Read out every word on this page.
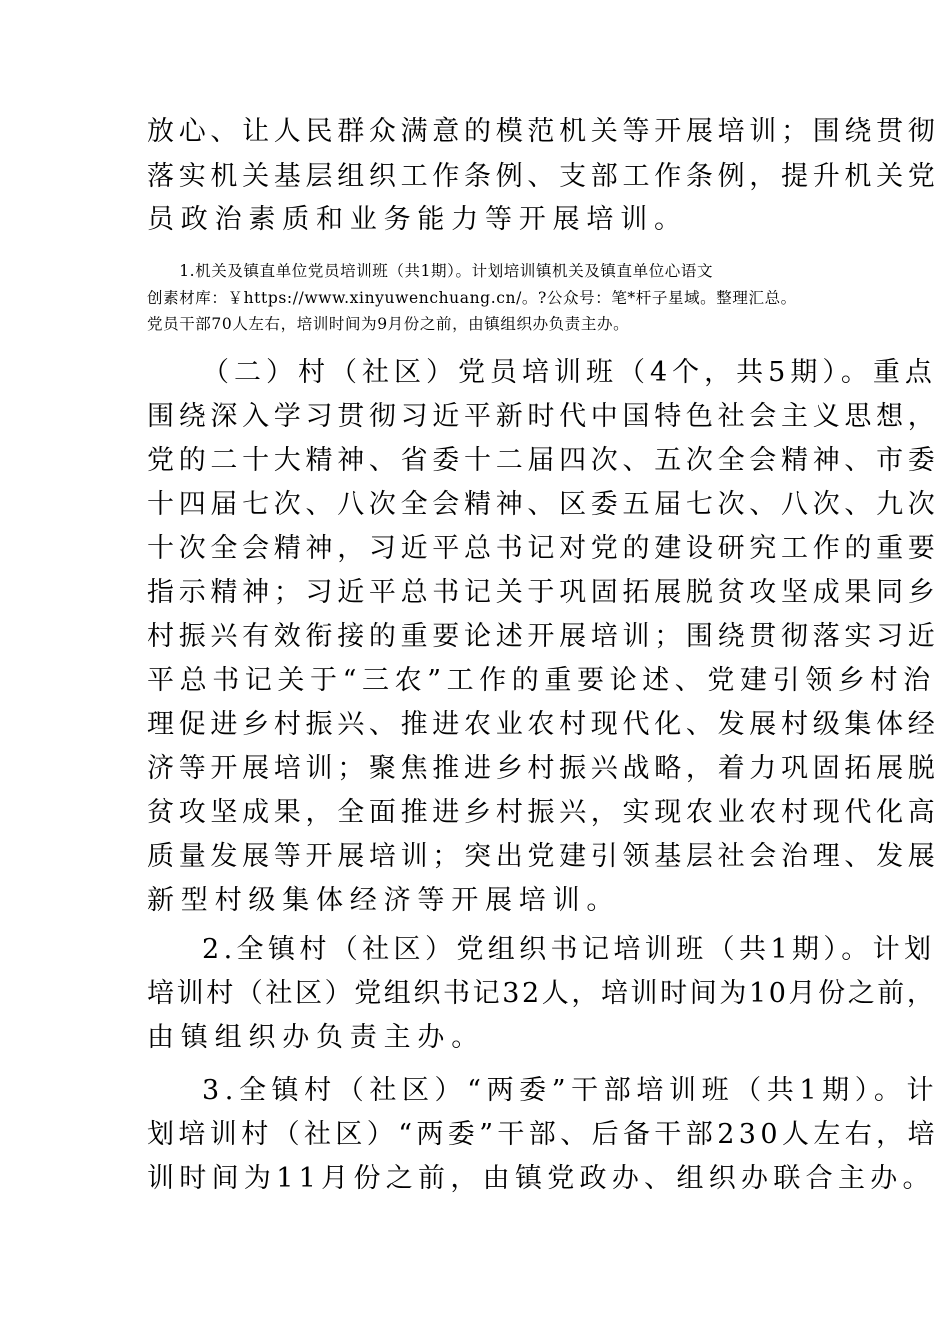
放心、让人民群众满意的模范机关等开展培训；围绕贯彻
落实机关基层组织工作条例、支部工作条例，提升机关党
员政治素质和业务能力等开展培训。
　　1.机关及镇直单位党员培训班（共1期）。计划培训镇机关及镇直单位心语文
创素材库：￥https://www.xinyuwenchuang.cn/。?公众号：笔*杆子星域。整理汇总。
党员干部70人左右，培训时间为9月份之前，由镇组织办负责主办。
（二）村（社区）党员培训班（4个，共5期）。重点
围绕深入学习贯彻习近平新时代中国特色社会主义思想，
党的二十大精神、省委十二届四次、五次全会精神、市委
十四届七次、八次全会精神、区委五届七次、八次、九次
十次全会精神，习近平总书记对党的建设研究工作的重要
指示精神；习近平总书记关于巩固拓展脱贫攻坚成果同乡
村振兴有效衔接的重要论述开展培训；围绕贯彻落实习近
平总书记关于“三农”工作的重要论述、党建引领乡村治
理促进乡村振兴、推进农业农村现代化、发展村级集体经
济等开展培训；聚焦推进乡村振兴战略，着力巩固拓展脱
贫攻坚成果，全面推进乡村振兴，实现农业农村现代化高
质量发展等开展培训；突出党建引领基层社会治理、发展
新型村级集体经济等开展培训。
2.全镇村（社区）党组织书记培训班（共1期）。计划
培训村（社区）党组织书记32人，培训时间为10月份之前，
由镇组织办负责主办。
3.全镇村（社区）“两委”干部培训班（共1期）。计
划培训村（社区）“两委”干部、后备干部230人左右，培
训时间为11月份之前，由镇党政办、组织办联合主办。
